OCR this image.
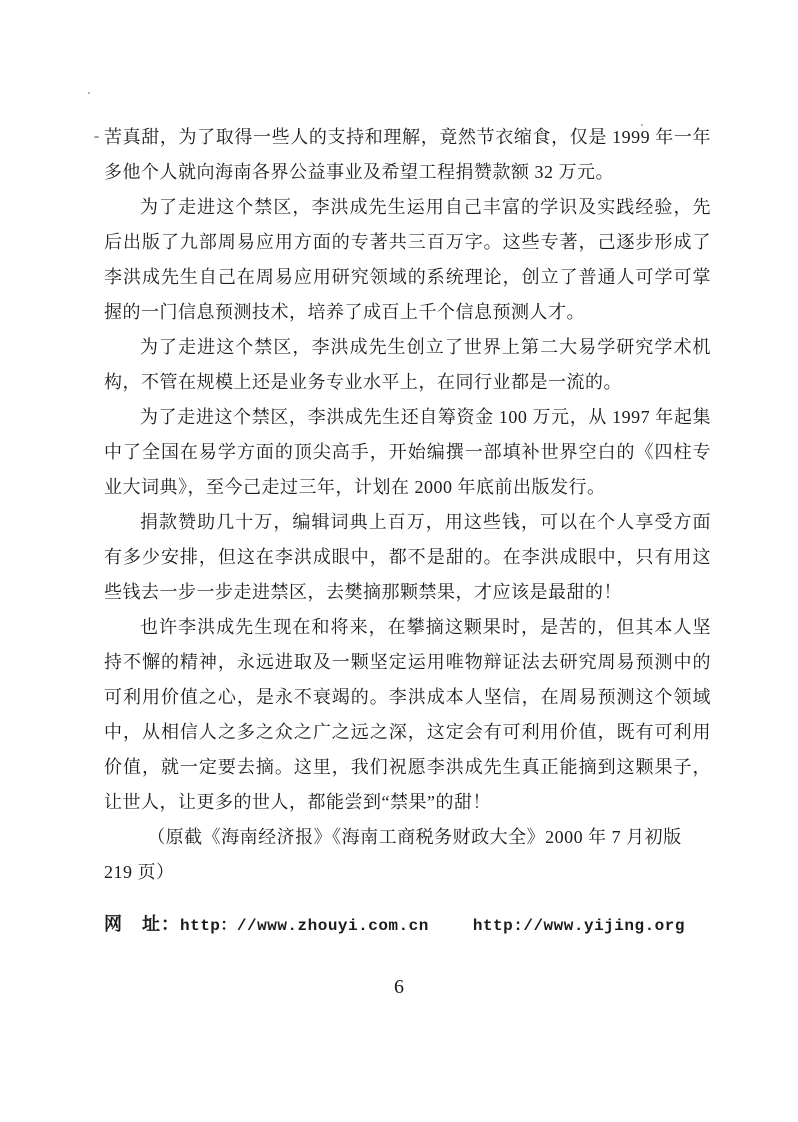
苦真甜，为了取得一些人的支持和理解，竟然节衣缩食，仅是 1999 年一年多他个人就向海南各界公益事业及希望工程捐赞款额 32 万元。

为了走进这个禁区，李洪成先生运用自己丰富的学识及实践经验，先后出版了九部周易应用方面的专著共三百万字。这些专著，己逐步形成了李洪成先生自己在周易应用研究领域的系统理论，创立了普通人可学可掌握的一门信息预测技术，培养了成百上千个信息预测人才。

为了走进这个禁区，李洪成先生创立了世界上第二大易学研究学术机构，不管在规模上还是业务专业水平上，在同行业都是一流的。

为了走进这个禁区，李洪成先生还自筹资金 100 万元，从 1997 年起集中了全国在易学方面的顶尖高手，开始编撰一部填补世界空白的《四柱专业大词典》，至今己走过三年，计划在 2000 年底前出版发行。

捐款赞助几十万，编辑词典上百万，用这些钱，可以在个人享受方面有多少安排，但这在李洪成眼中，都不是甜的。在李洪成眼中，只有用这些钱去一步一步走进禁区，去樊摘那颗禁果，才应该是最甜的！

也许李洪成先生现在和将来，在攀摘这颗果时，是苦的，但其本人坚持不懈的精神，永远进取及一颗坚定运用唯物辩证法去研究周易预测中的可利用价值之心，是永不衰竭的。李洪成本人坚信，在周易预测这个领域中，从相信人之多之众之广之远之深，这定会有可利用价值，既有可利用价值，就一定要去摘。这里，我们祝愿李洪成先生真正能摘到这颗果子，让世人，让更多的世人，都能尝到“禁果”的甜！

（原截《海南经济报》《海南工商税务财政大全》2000 年 7 月初版 219 页）

网　址：http：//www.zhouyi.com.cn	http://www.yijing.org
6
